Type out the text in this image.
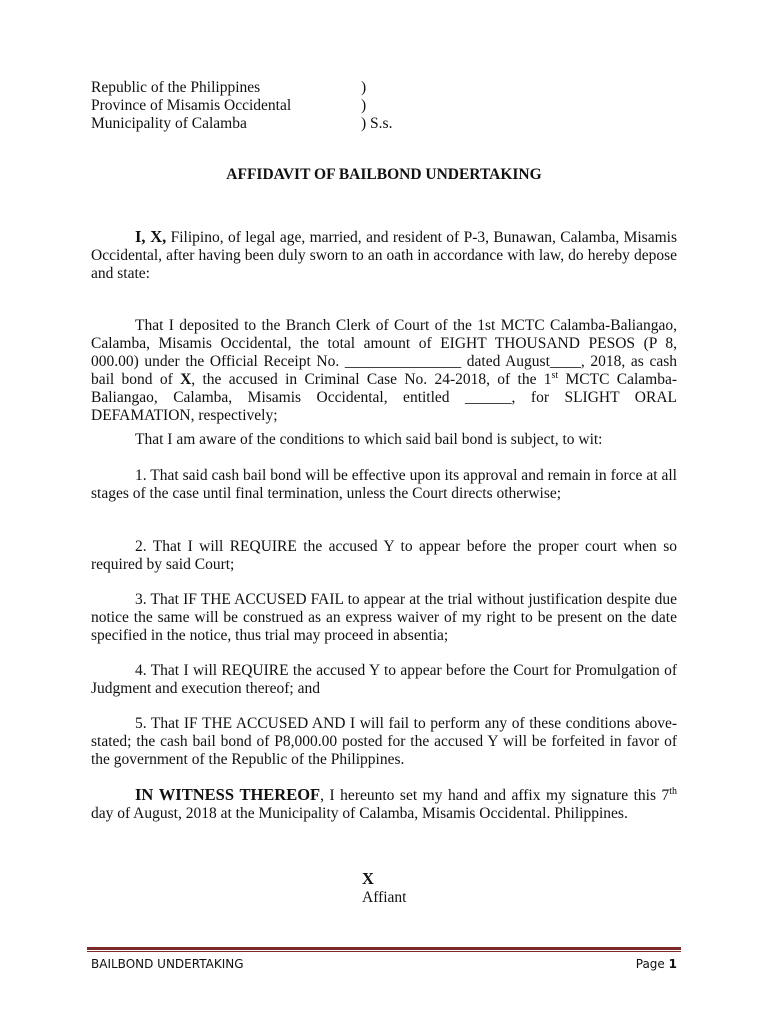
Republic of the Philippines	)
Province of Misamis Occidental	)
Municipality of Calamba	) S.s.
AFFIDAVIT OF BAILBOND UNDERTAKING

I, X, Filipino, of legal age, married, and resident of P-3, Bunawan, Calamba, Misamis Occidental, after having been duly sworn to an oath in accordance with law, do hereby depose and state:

That I deposited to the Branch Clerk of Court of the 1st MCTC Calamba-Baliangao, Calamba, Misamis Occidental, the total amount of EIGHT THOUSAND PESOS (P 8, 000.00) under the Official Receipt No. _______________ dated August____, 2018, as cash bail bond of X, the accused in Criminal Case No. 24-2018, of the 1st MCTC Calamba-Baliangao, Calamba, Misamis Occidental, entitled ______, for SLIGHT ORAL DEFAMATION, respectively;

That I am aware of the conditions to which said bail bond is subject, to wit:

1. That said cash bail bond will be effective upon its approval and remain in force at all stages of the case until final termination, unless the Court directs otherwise;

2. That I will REQUIRE the accused Y to appear before the proper court when so required by said Court;

3. That IF THE ACCUSED FAIL to appear at the trial without justification despite due notice the same will be construed as an express waiver of my right to be present on the date specified in the notice, thus trial may proceed in absentia;

4. That I will REQUIRE the accused Y to appear before the Court for Promulgation of Judgment and execution thereof; and

5. That IF THE ACCUSED AND I will fail to perform any of these conditions above-stated; the cash bail bond of P8,000.00 posted for the accused Y will be forfeited in favor of the government of the Republic of the Philippines.

IN WITNESS THEREOF, I hereunto set my hand and affix my signature this 7th day of August, 2018 at the Municipality of Calamba, Misamis Occidental. Philippines.

X
Affiant
BAILBOND UNDERTAKING	Page 1
